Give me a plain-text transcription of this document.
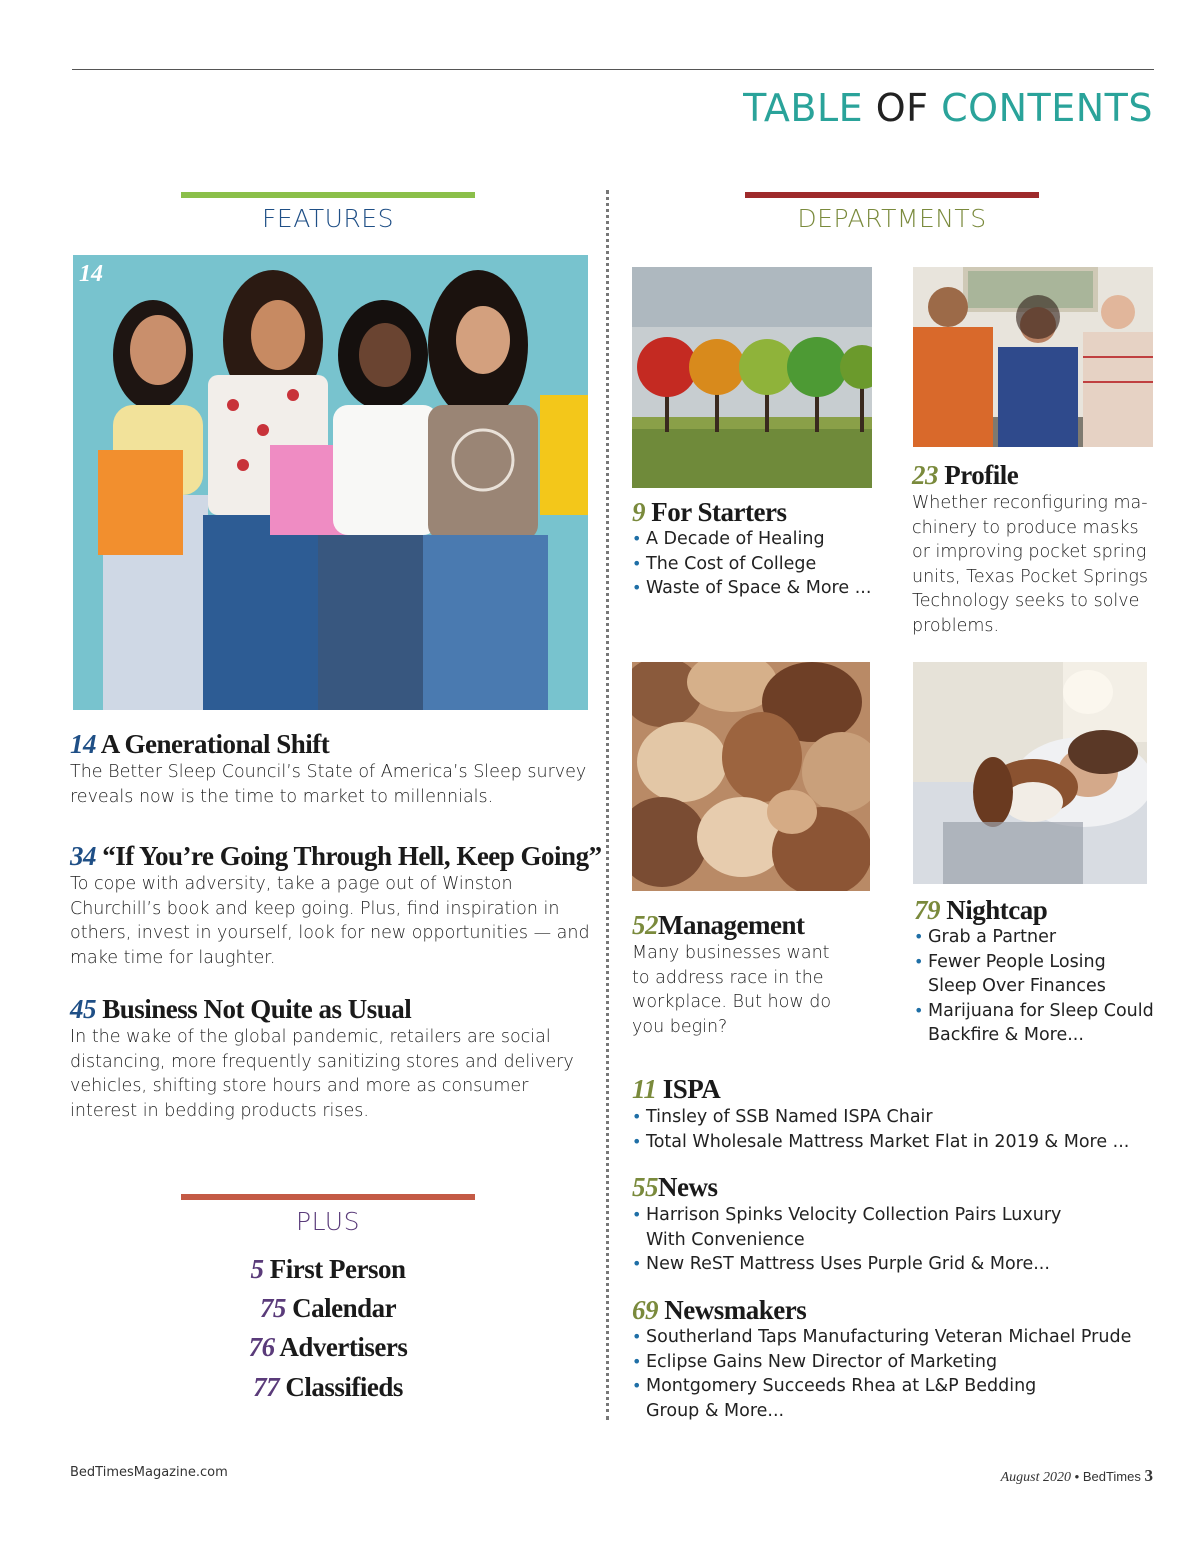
TABLE OF CONTENTS
FEATURES
14
14 A Generational Shift
The Better Sleep Council’s State of America’s Sleep survey reveals now is the time to market to millennials.
34 “If You’re Going Through Hell, Keep Going”
To cope with adversity, take a page out of Winston Churchill’s book and keep going. Plus, find inspiration in others, invest in yourself, look for new opportunities — and make time for laughter.
45 Business Not Quite as Usual
In the wake of the global pandemic, retailers are social distancing, more frequently sanitizing stores and delivery vehicles, shifting store hours and more as consumer interest in bedding products rises.
PLUS
5 First Person
75 Calendar
76 Advertisers
77 Classifieds
DEPARTMENTS
9 For Starters
• A Decade of Healing
• The Cost of College
• Waste of Space & More ...
23 Profile
Whether reconfiguring ma-chinery to produce masks or improving pocket spring units, Texas Pocket Springs Technology seeks to solve problems.
52Management
Many businesses want to address race in the workplace. But how do you begin?
79 Nightcap
• Grab a Partner
• Fewer People Losing Sleep Over Finances
• Marijuana for Sleep Could Backfire & More...
11 ISPA
• Tinsley of SSB Named ISPA Chair
• Total Wholesale Mattress Market Flat in 2019 & More ...
55News
• Harrison Spinks Velocity Collection Pairs Luxury With Convenience
• New ReST Mattress Uses Purple Grid & More...
69 Newsmakers
• Southerland Taps Manufacturing Veteran Michael Prude
• Eclipse Gains New Director of Marketing
• Montgomery Succeeds Rhea at L&P Bedding Group & More...
BedTimesMagazine.com	August 2020 • BedTimes 3
